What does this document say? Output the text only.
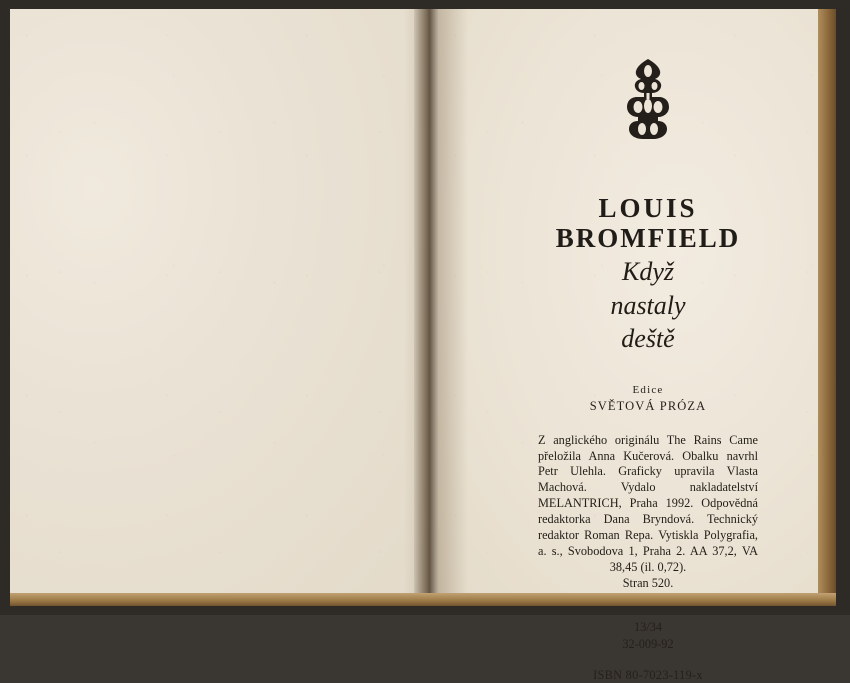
LOUIS
BROMFIELD
Když
nastaly
deště
Edice
SVĚTOVÁ PRÓZA

Z anglického originálu The Rains Came přeložila Anna Kučerová. Obalku navrhl Petr Ulehla. Graficky upravila Vlasta Machová. Vydalo nakladatelství MELANTRICH, Praha 1992. Odpovědná redaktorka Dana Bryndová. Technický redaktor Roman Repa. Vytiskla Polygrafia, a. s., Svobodova 1, Praha 2. AA 37,2, VA 38,45 (il. 0,72).

Stran 520.

13/34
32-009-92
ISBN 80-7023-119-x
